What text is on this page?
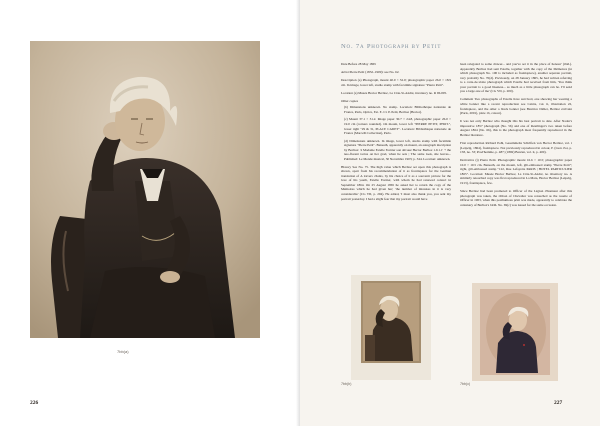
7bb(a)
226
No. 7a Photograph by Petit

Date Before 28 May 1865

Artist Pierre Petit (1832–1909): see No. 62.

Description (a) Photograph, mount 40.0 × 32.0; photographic paper 26.0 × 18.9 cm. In image, lower left, studio stamp with facsimile signature "Pierre Petit".

Location (a) Musée Hector Berlioz, La Côte-St-André, inventory no. R 96.005.

Other copies

(b) Dimensions unknown. No stamp. Location: Bibliothèque nationale de France, Paris, Optica, Est. E. Cl. P. Petit, Berlioz (Hector).

(c) Mount 37.1 × 31.2. Image paper 30.7 × 24.8, photographic paper 26.0 × 19.0 cm (corners rounded). On mount, lower left "PIERRE PETIT, PHOT.", lower right "29 & 31, PLACE CADET". Location: Bibliothèque nationale de France (Marcelli Collection), Paris.

(d) Dimensions unknown. In image, lower left, studio stamp with facsimile signature "Pierre Petit". Beneath, apparently on mount, an autograph inscription by Berlioz: 'à Madame Estelle Fornier son dévoué Hector Berlioz 1.9.1.1' + the neo-florent tactus on her grad, when he sets | The same look, she leaves... Published: Le Monde musical, 30 Novembre 1903; p. 344. Location: unknown.

History See No. 75. The high value which Berlioz set upon this photograph is shown, apart from his recommendation of it as frontispiece for the German translation of A travers chants, by his choice of it as a souvenir picture for the love of his youth, Estelle Fornier, with whom he had renewed contact in September 1864. On 25 August 1865 he asked her to return the copy of the Mémoires which he had given her; 'the number of mistakes in it is very considerable' (CG VII, p. 294). He added, 'I must also thank you, you sent my portrait yesterday. I had a slight fear that my portrait would have

been relegated to some drawer... and you've set it in the place of honour' (ibid.). Apparently Berlioz had sent Estelle, together with the copy of the Mémoires (in which photograph No. 100 is included as frontispiece), another separate portrait, very probably No. 76(d). Previously, on 28 January 1865, he had written referring to a carte-de-visite photograph which Estelle had received from him, 'You think your portrait is a good likeness... as much as a little photograph can be. I'll send you a large one of me' (CG VII, p. 200).

Comment Two photographs of Estelle have survived, one showing her wearing a white bonnet like a recent reproduction see Cairns, vol. ii, illustration 22, frontispiece, and the other a black bonnet (see Béatrice Didier, Berlioz écrivain (Paris, 2001), plate 1b, colour).

It was not only Berlioz who thought this his best portrait to date. After Nadar's impressive 1857 photograph (No. 56) and one of Reutlinger's two taken before August 1864 (No. 66), this is the photograph most frequently reproduced in the Berlioz literature.

First reproduction Richard Pohl, Gesammelte Schriften von Hector Berlioz, vol. i (Leipzig, 1864), frontispiece. Not previously reproduced in colour, E (Lion d'or, p. 158, no. 33; Prod'homme, p. 487; (1869) Barzun, vol. ii, p. 400).

Derivative (i) Pierre Petit. Photographic mount 16.6 × 10.5; photographic paper 10.0 × 10.5 cm. Beneath, on the mount, left, gilt-embossed stamp "Pierre Petit"; right, gilt-embossed stamp "122, Rue Lafayette PARIS | HOTEL PARTICULIER 1865". Location: Musée Hector Berlioz, La Côte-St-André, no inventory no. A similarly retouched copy was first reproduced in La Mara, Hector Berlioz (Leipzig, 1913), frontispiece, few.

Since Berlioz had been promoted to Officer of the Légion d'honneur after this photograph was taken, the ribbon of Chevalier was retouched as the rosette of Officer in 1903, when this posthumous print was made, apparently to celebrate the centenary of Berlioz's birth. No. 69(c) was issued for the same occasion.

7bb(b)	7bb(c)
227
